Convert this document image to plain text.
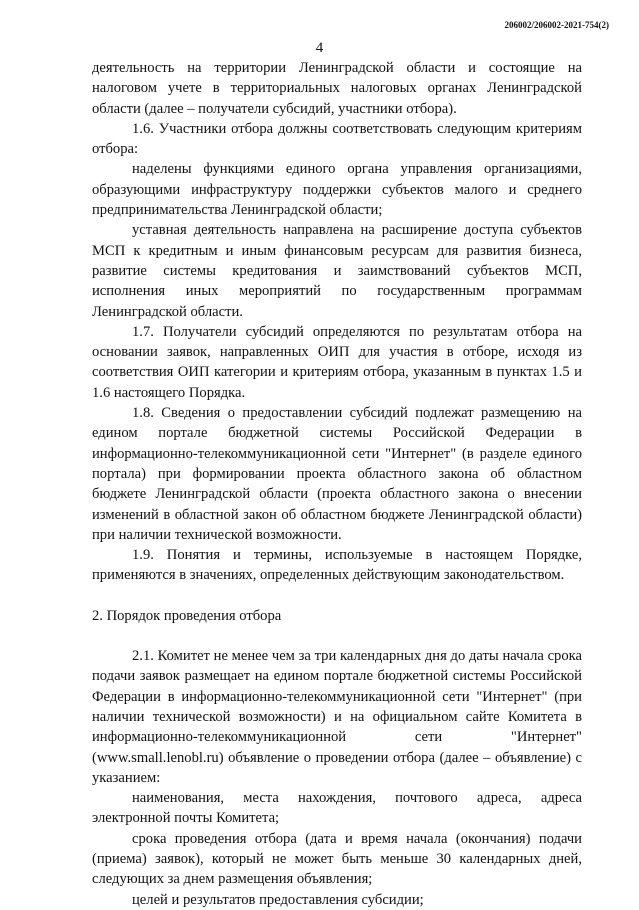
206002/206002-2021-754(2)
4

деятельность на территории Ленинградской области и состоящие на налоговом учете в территориальных налоговых органах Ленинградской области (далее – получатели субсидий, участники отбора).

1.6. Участники отбора должны соответствовать следующим критериям отбора:

наделены функциями единого органа управления организациями, образующими инфраструктуру поддержки субъектов малого и среднего предпринимательства Ленинградской области;

уставная деятельность направлена на расширение доступа субъектов МСП к кредитным и иным финансовым ресурсам для развития бизнеса, развитие системы кредитования и заимствований субъектов МСП, исполнения иных мероприятий по государственным программам Ленинградской области.

1.7. Получатели субсидий определяются по результатам отбора на основании заявок, направленных ОИП для участия в отборе, исходя из соответствия ОИП категории и критериям отбора, указанным в пунктах 1.5 и 1.6 настоящего Порядка.

1.8. Сведения о предоставлении субсидий подлежат размещению на едином портале бюджетной системы Российской Федерации в информационно-телекоммуникационной сети "Интернет" (в разделе единого портала) при формировании проекта областного закона об областном бюджете Ленинградской области (проекта областного закона о внесении изменений в областной закон об областном бюджете Ленинградской области) при наличии технической возможности.

1.9. Понятия и термины, используемые в настоящем Порядке, применяются в значениях, определенных действующим законодательством.

2. Порядок проведения отбора

2.1. Комитет не менее чем за три календарных дня до даты начала срока подачи заявок размещает на едином портале бюджетной системы Российской Федерации в информационно-телекоммуникационной сети "Интернет" (при наличии технической возможности) и на официальном сайте Комитета в информационно-телекоммуникационной сети "Интернет" (www.small.lenobl.ru) объявление о проведении отбора (далее – объявление) с указанием:

наименования, места нахождения, почтового адреса, адреса электронной почты Комитета;

срока проведения отбора (дата и время начала (окончания) подачи (приема) заявок), который не может быть меньше 30 календарных дней, следующих за днем размещения объявления;

целей и результатов предоставления субсидии;
